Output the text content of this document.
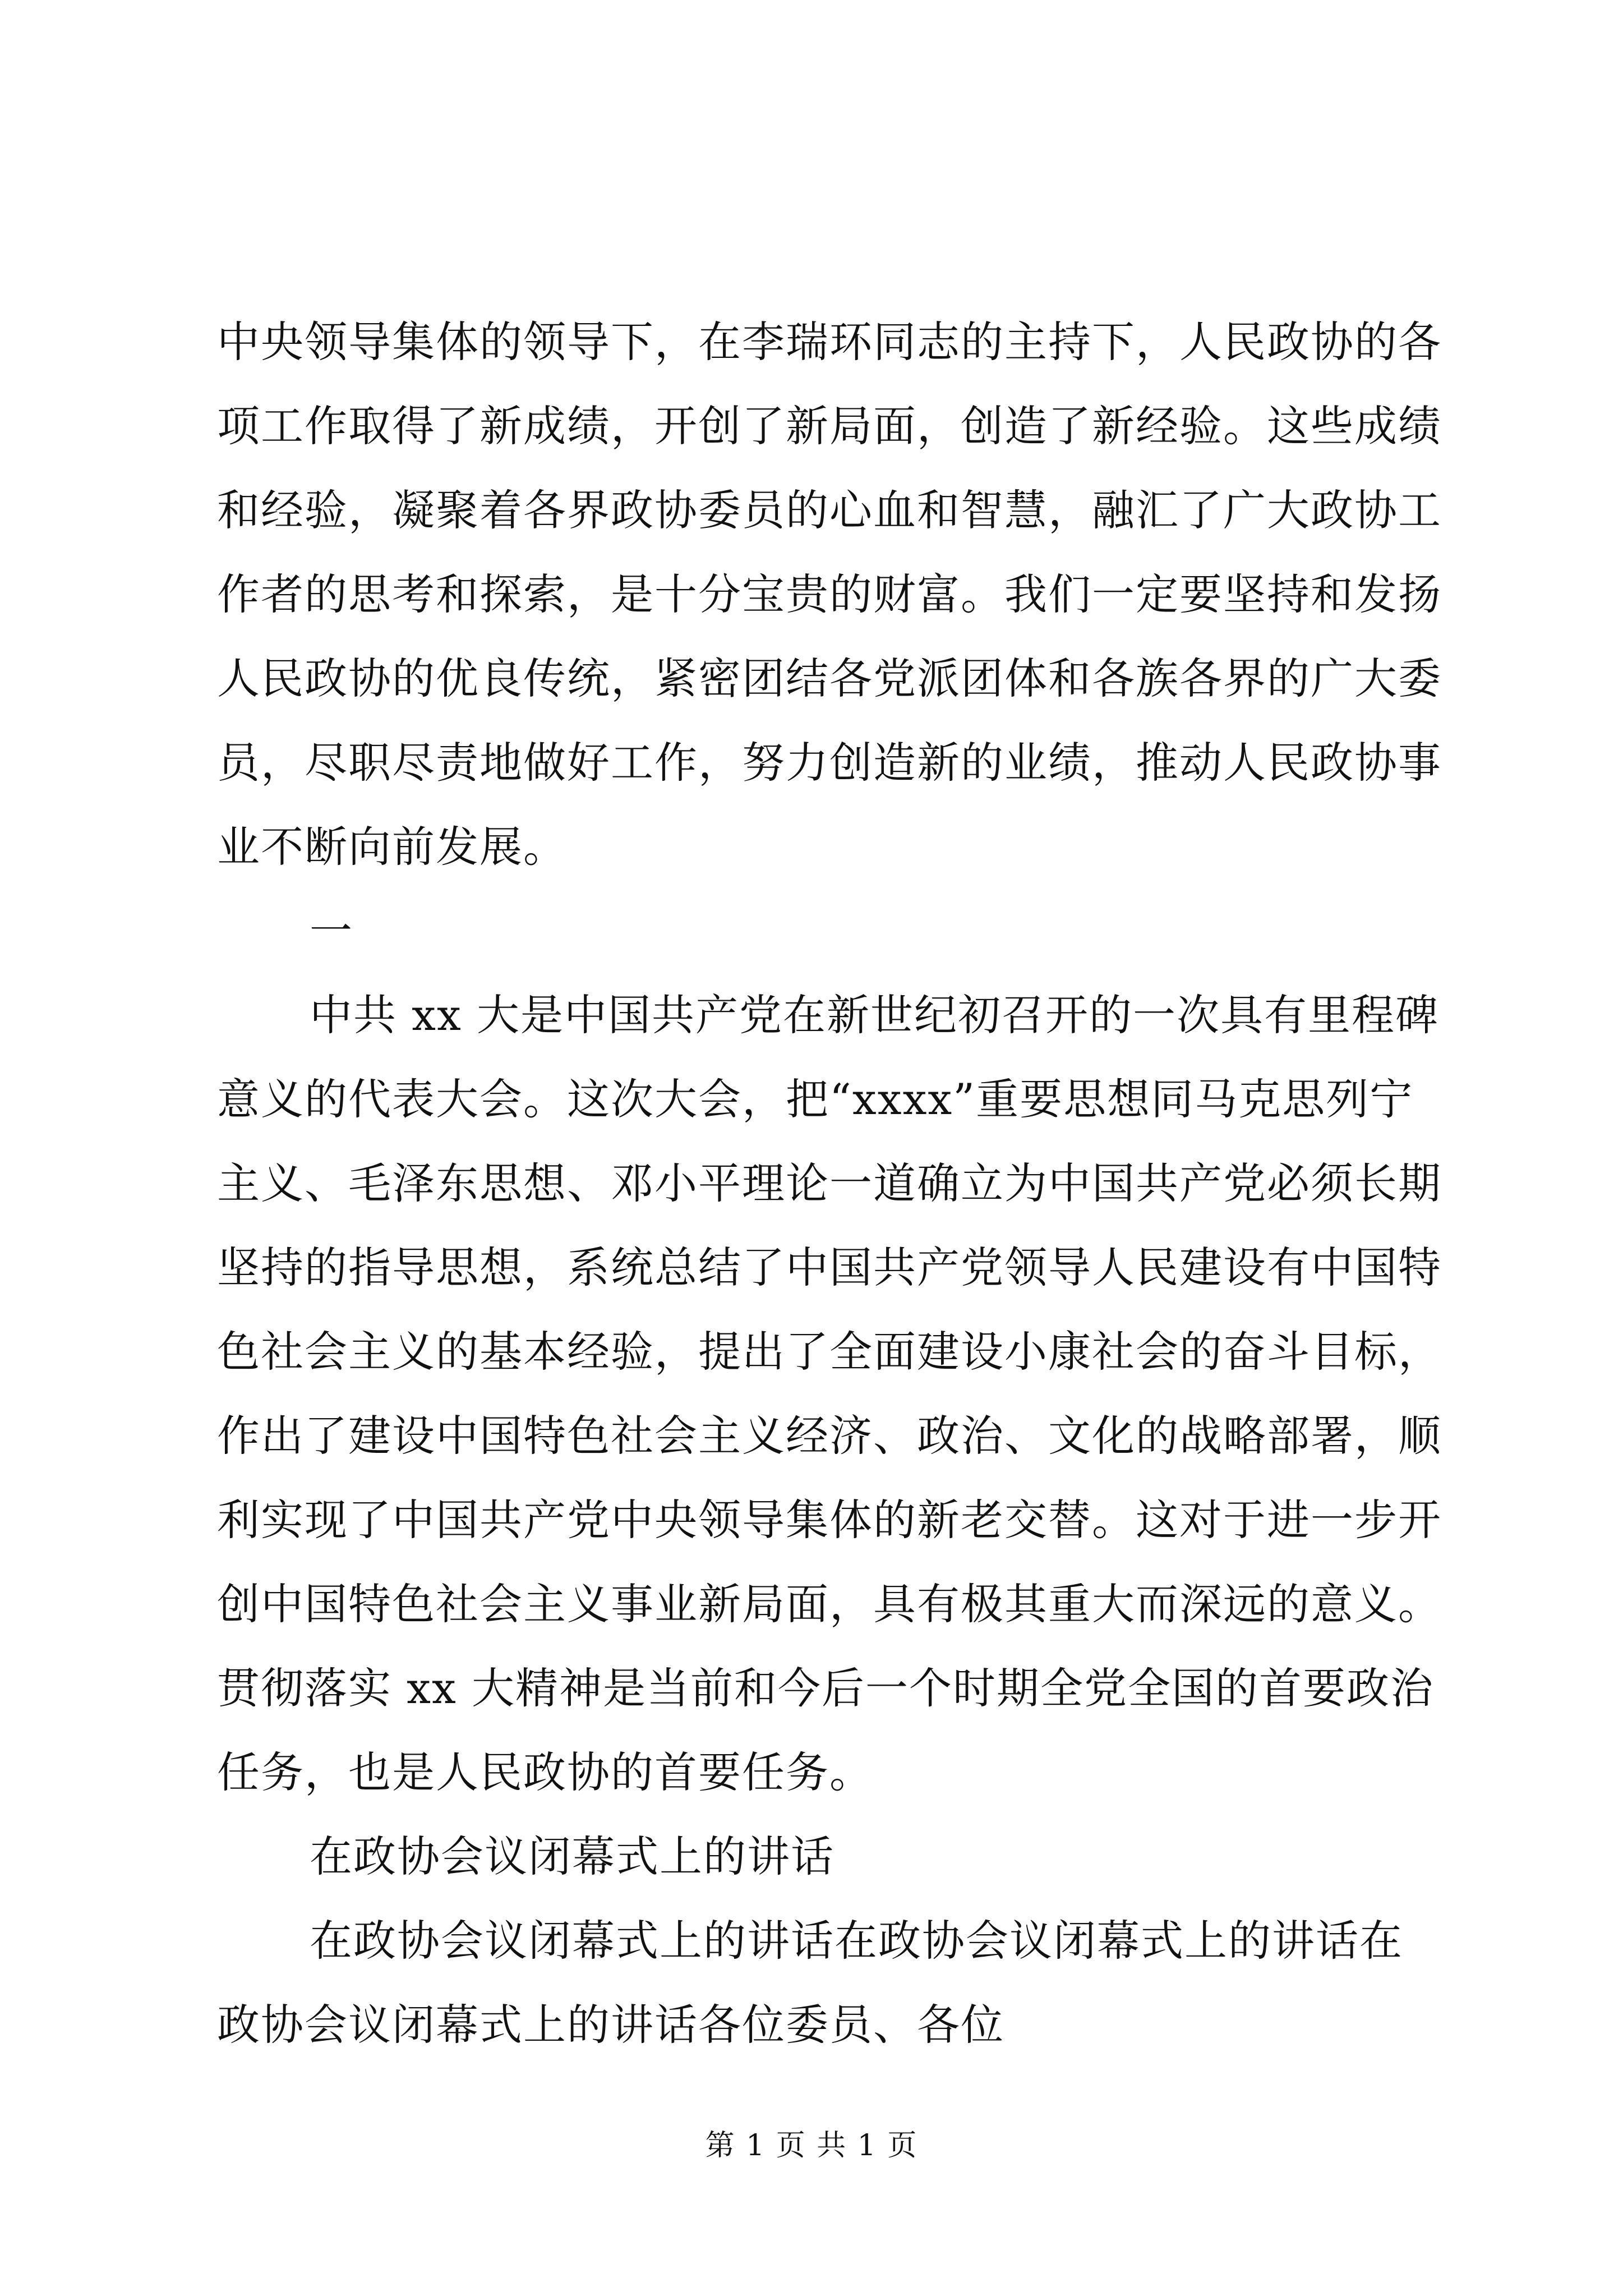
中央领导集体的领导下，在李瑞环同志的主持下，人民政协的各
项工作取得了新成绩，开创了新局面，创造了新经验。这些成绩
和经验，凝聚着各界政协委员的心血和智慧，融汇了广大政协工
作者的思考和探索，是十分宝贵的财富。我们一定要坚持和发扬
人民政协的优良传统，紧密团结各党派团体和各族各界的广大委
员，尽职尽责地做好工作，努力创造新的业绩，推动人民政协事
业不断向前发展。
一
中共 xx 大是中国共产党在新世纪初召开的一次具有里程碑
意义的代表大会。这次大会，把“xxxx”重要思想同马克思列宁
主义、毛泽东思想、邓小平理论一道确立为中国共产党必须长期
坚持的指导思想，系统总结了中国共产党领导人民建设有中国特
色社会主义的基本经验，提出了全面建设小康社会的奋斗目标，
作出了建设中国特色社会主义经济、政治、文化的战略部署，顺
利实现了中国共产党中央领导集体的新老交替。这对于进一步开
创中国特色社会主义事业新局面，具有极其重大而深远的意义。
贯彻落实 xx 大精神是当前和今后一个时期全党全国的首要政治
任务，也是人民政协的首要任务。
在政协会议闭幕式上的讲话
在政协会议闭幕式上的讲话在政协会议闭幕式上的讲话在
政协会议闭幕式上的讲话各位委员、各位
第 1 页 共 1 页
